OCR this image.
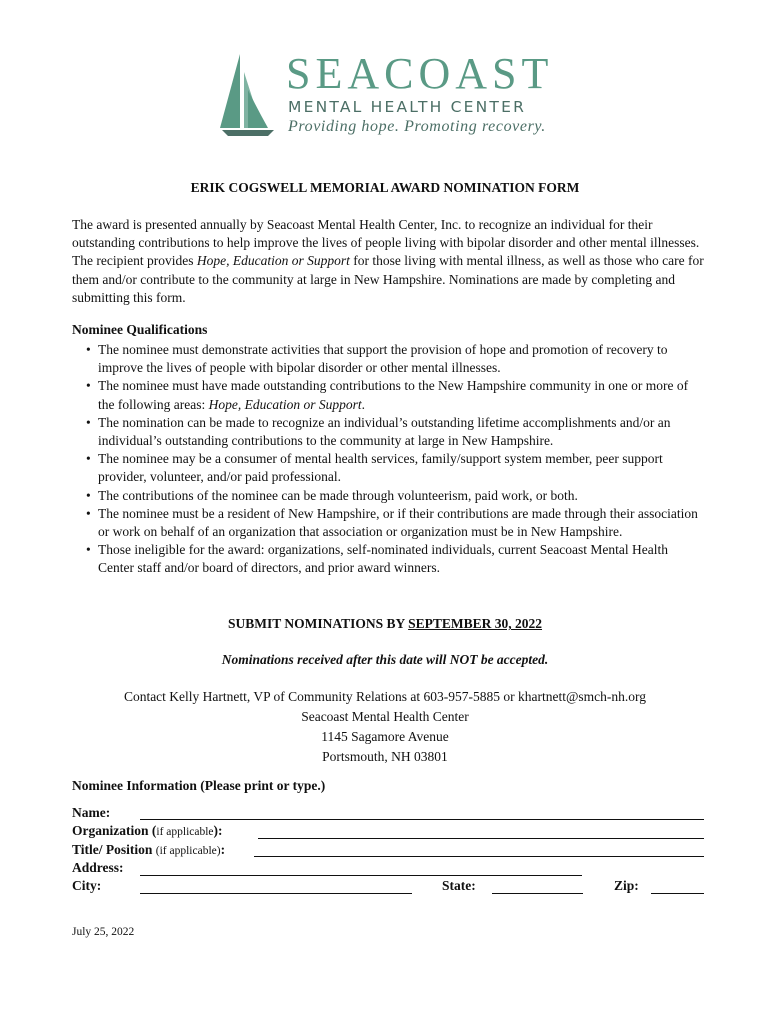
SEACOAST
MENTAL HEALTH CENTER
Providing hope. Promoting recovery.
ERIK COGSWELL MEMORIAL AWARD NOMINATION FORM
The award is presented annually by Seacoast Mental Health Center, Inc. to recognize an individual for their outstanding contributions to help improve the lives of people living with bipolar disorder and other mental illnesses. The recipient provides Hope, Education or Support for those living with mental illness, as well as those who care for them and/or contribute to the community at large in New Hampshire. Nominations are made by completing and submitting this form.
Nominee Qualifications
• The nominee must demonstrate activities that support the provision of hope and promotion of recovery to improve the lives of people with bipolar disorder or other mental illnesses.
• The nominee must have made outstanding contributions to the New Hampshire community in one or more of the following areas: Hope, Education or Support.
• The nomination can be made to recognize an individual’s outstanding lifetime accomplishments and/or an individual’s outstanding contributions to the community at large in New Hampshire.
• The nominee may be a consumer of mental health services, family/support system member, peer support provider, volunteer, and/or paid professional.
• The contributions of the nominee can be made through volunteerism, paid work, or both.
• The nominee must be a resident of New Hampshire, or if their contributions are made through their association or work on behalf of an organization that association or organization must be in New Hampshire.
• Those ineligible for the award: organizations, self-nominated individuals, current Seacoast Mental Health Center staff and/or board of directors, and prior award winners.
SUBMIT NOMINATIONS BY SEPTEMBER 30, 2022
Nominations received after this date will NOT be accepted.
Contact Kelly Hartnett, VP of Community Relations at 603-957-5885 or khartnett@smch-nh.org
Seacoast Mental Health Center
1145 Sagamore Avenue
Portsmouth, NH 03801
Nominee Information (Please print or type.)
Name:
Organization (if applicable):
Title/ Position (if applicable):
Address:
City:	State:	Zip:
July 25, 2022
